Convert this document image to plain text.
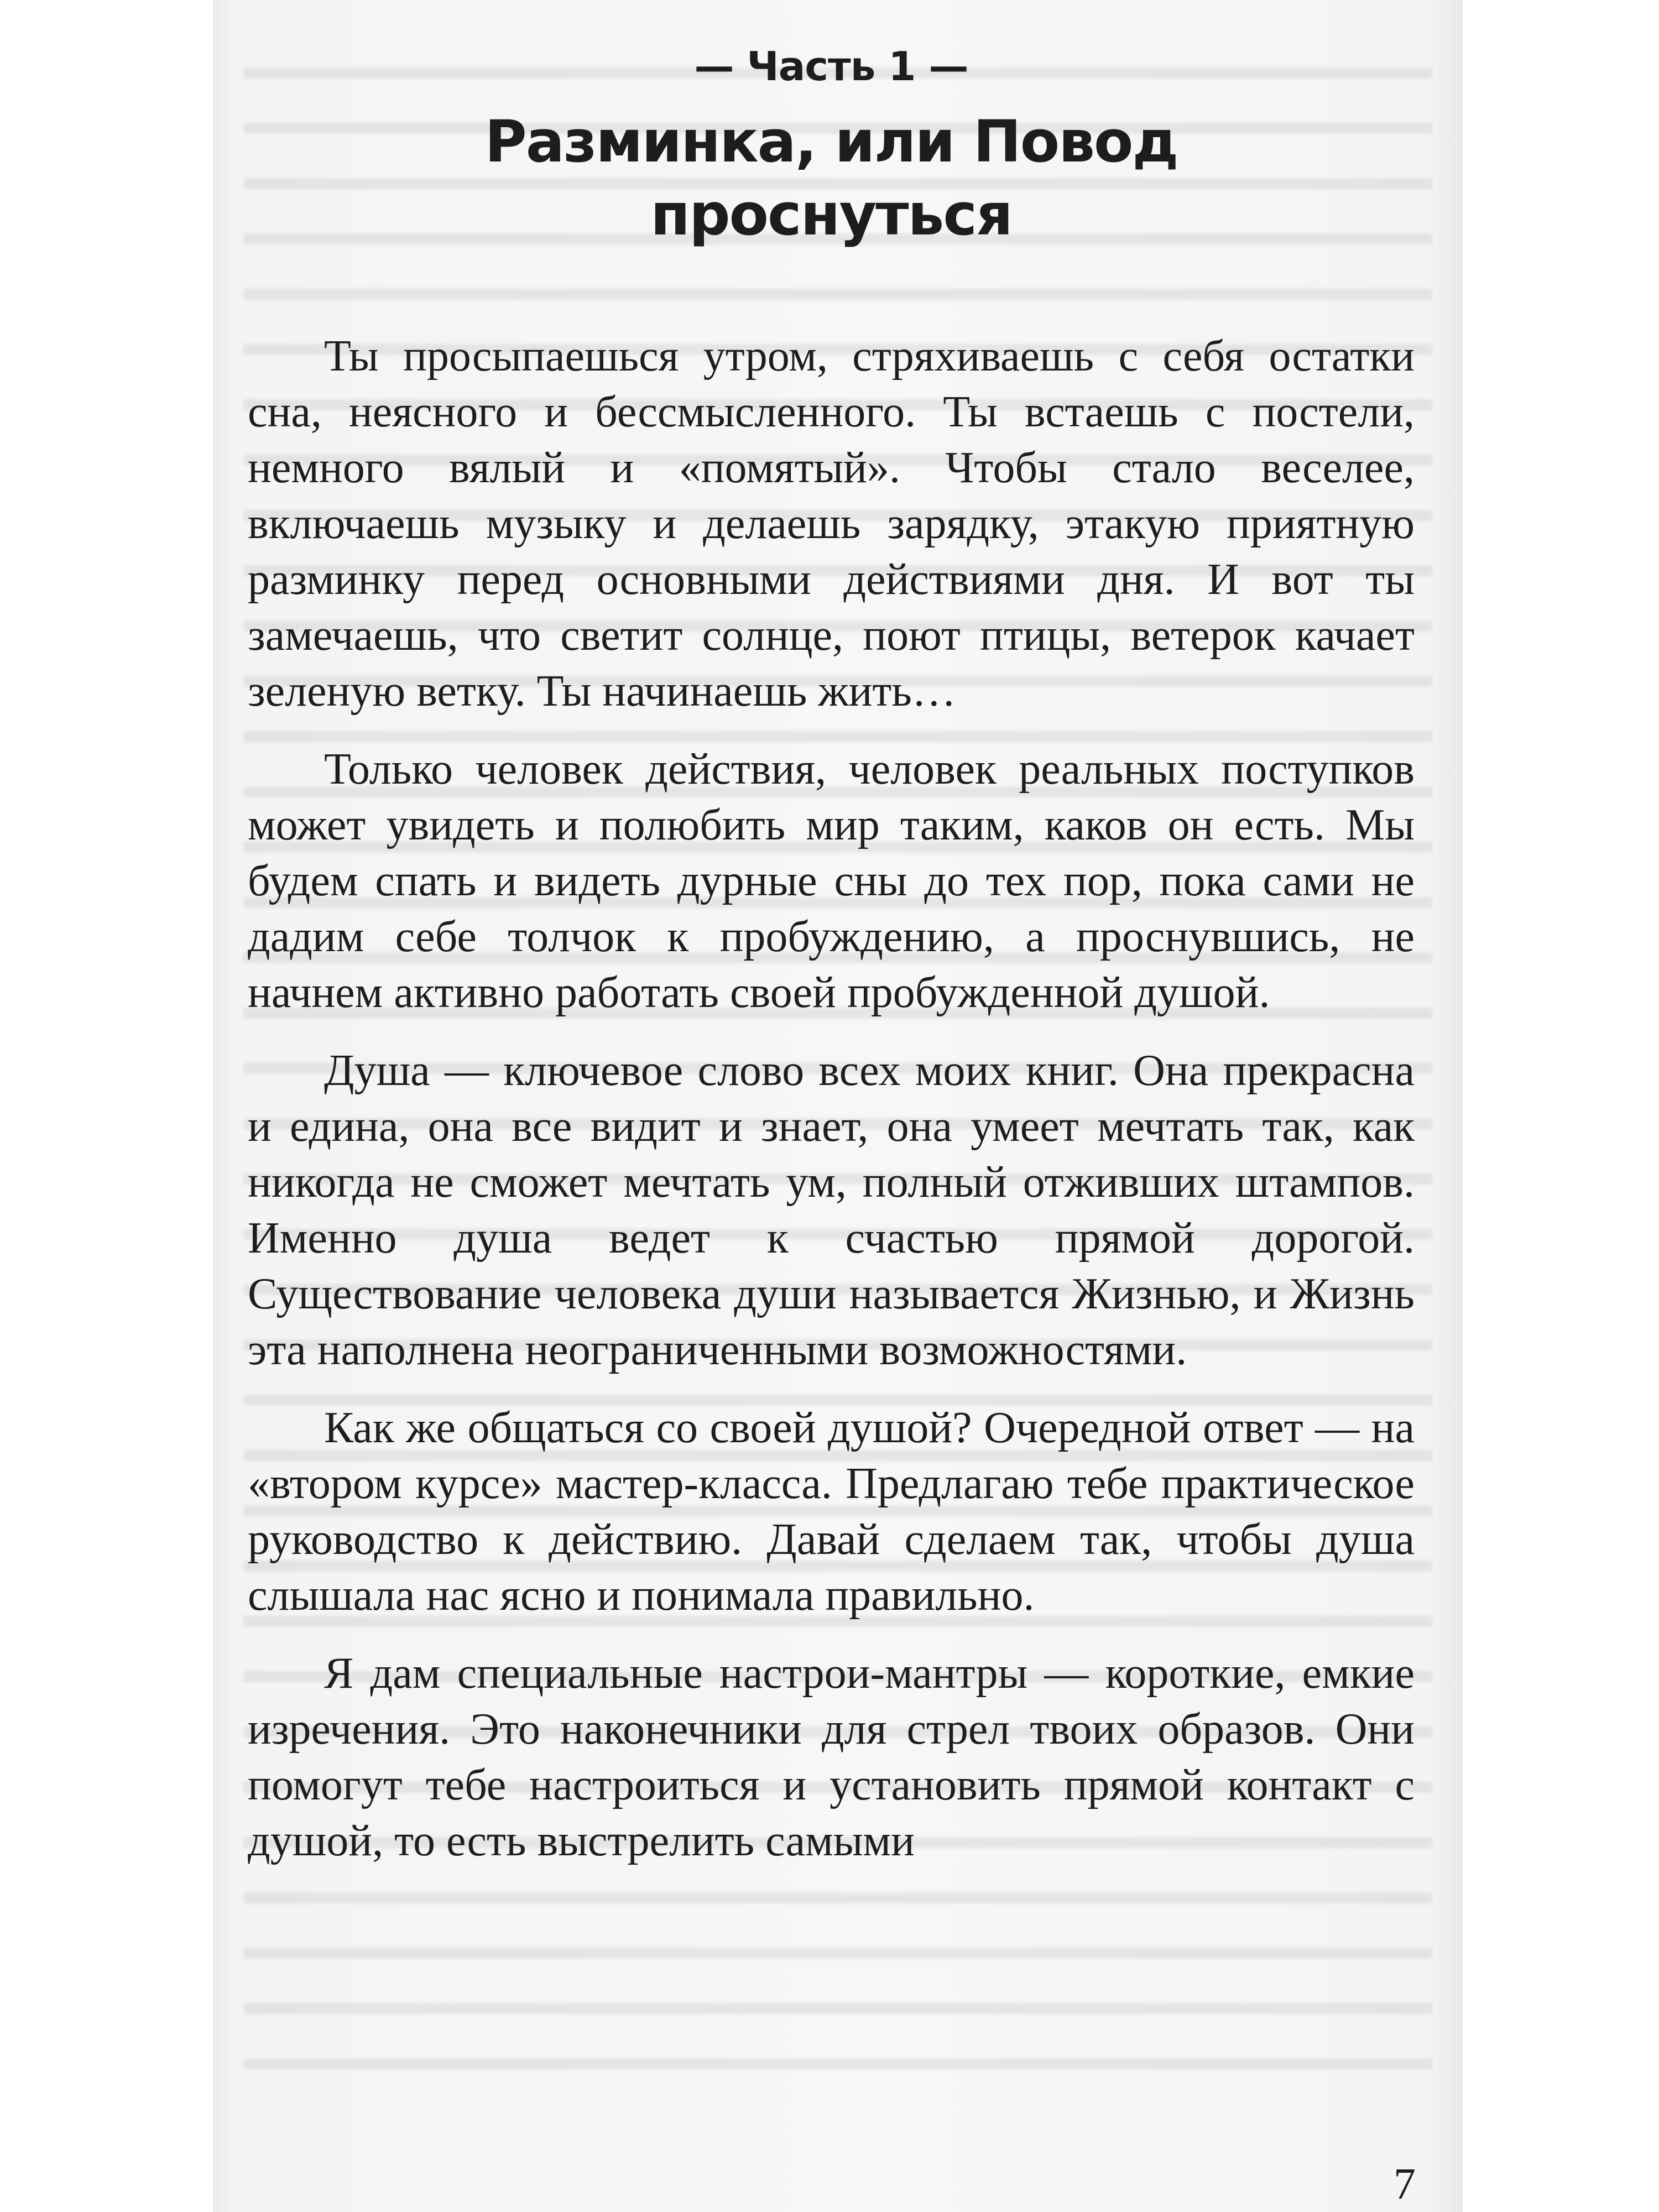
— Часть 1 —
Разминка, или Повод
проснуться

Ты просыпаешься утром, стряхиваешь с себя остатки сна, неясного и бессмысленного. Ты встаешь с постели, немного вялый и «помятый». Чтобы стало веселее, включаешь музыку и делаешь зарядку, этакую приятную разминку перед основными действиями дня. И вот ты замечаешь, что светит солнце, поют птицы, ветерок качает зеленую ветку. Ты начинаешь жить…

Только человек действия, человек реальных поступков может увидеть и полюбить мир таким, каков он есть. Мы будем спать и видеть дурные сны до тех пор, пока сами не дадим себе толчок к пробуждению, а проснувшись, не начнем активно работать своей пробужденной душой.

Душа — ключевое слово всех моих книг. Она прекрасна и едина, она все видит и знает, она умеет мечтать так, как никогда не сможет мечтать ум, полный отживших штампов. Именно душа ведет к счастью прямой дорогой. Существование человека души называется Жизнью, и Жизнь эта наполнена неограниченными возможностями.

Как же общаться со своей душой? Очередной ответ — на «втором курсе» мастер-класса. Предлагаю тебе практическое руководство к действию. Давай сделаем так, чтобы душа слышала нас ясно и понимала правильно.

Я дам специальные настрои-мантры — короткие, емкие изречения. Это наконечники для стрел твоих образов. Они помогут тебе настроиться и установить прямой контакт с душой, то есть выстрелить самыми

7
